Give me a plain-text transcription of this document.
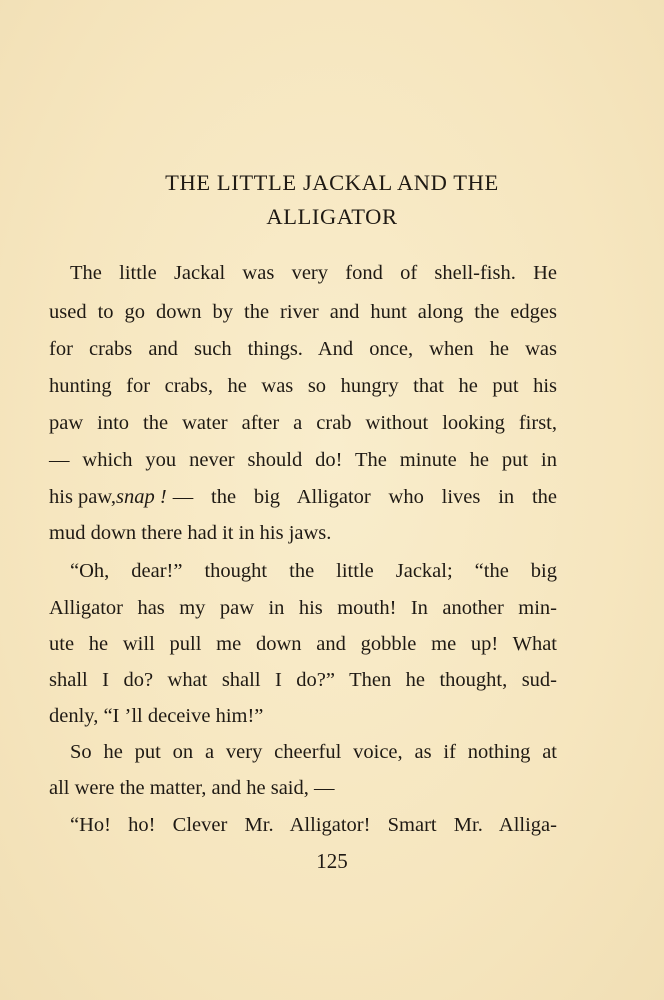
THE LITTLE JACKAL AND THE
ALLIGATOR
The little Jackal was very fond of shell-fish. He
used to go down by the river and hunt along the edges
for crabs and such things. And once, when he was
hunting for crabs, he was so hungry that he put his
paw into the water after a crab without looking first,
— which you never should do! The minute he put in
his paw, snap ! — the big Alligator who lives in the
mud down there had it in his jaws.
“Oh, dear!” thought the little Jackal; “the big
Alligator has my paw in his mouth! In another min-
ute he will pull me down and gobble me up! What
shall I do? what shall I do?” Then he thought, sud-
denly, “I ’ll deceive him!”
So he put on a very cheerful voice, as if nothing at
all were the matter, and he said, —
“Ho! ho! Clever Mr. Alligator! Smart Mr. Alliga-
125
